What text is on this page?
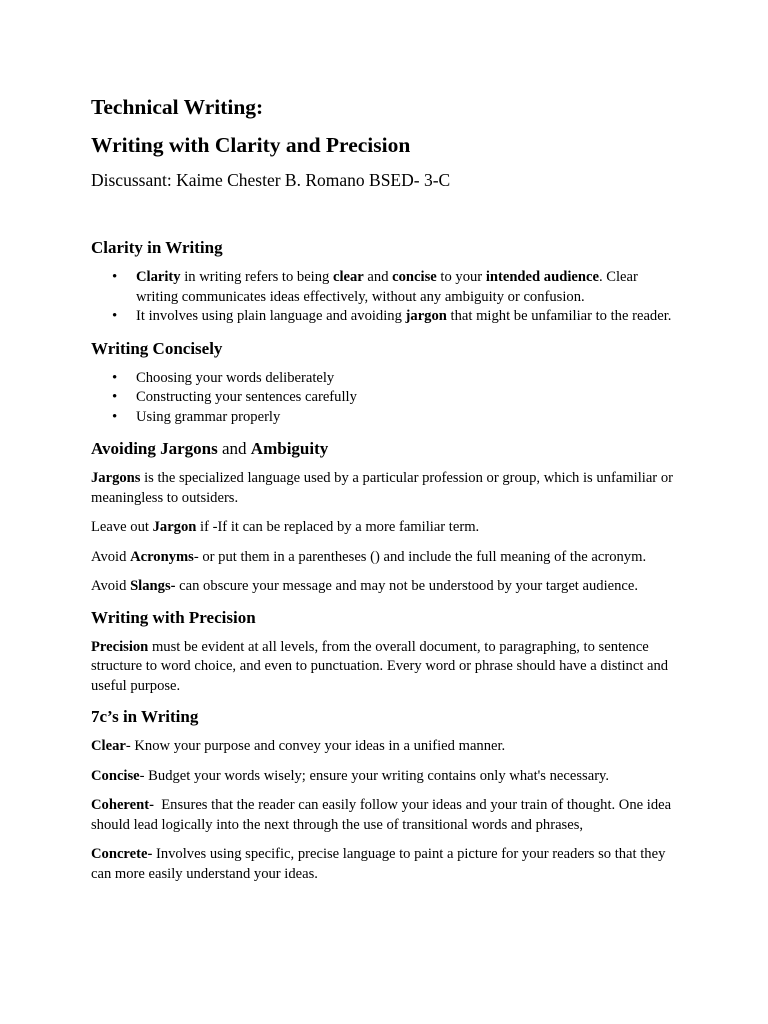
Technical Writing:
Writing with Clarity and Precision

Discussant: Kaime Chester B. Romano BSED- 3-C

Clarity in Writing
• Clarity in writing refers to being clear and concise to your intended audience. Clear writing communicates ideas effectively, without any ambiguity or confusion.
• It involves using plain language and avoiding jargon that might be unfamiliar to the reader.
Writing Concisely
• Choosing your words deliberately
• Constructing your sentences carefully
• Using grammar properly
Avoiding Jargons and Ambiguity

Jargons is the specialized language used by a particular profession or group, which is unfamiliar or meaningless to outsiders.

Leave out Jargon if -If it can be replaced by a more familiar term.

Avoid Acronyms- or put them in a parentheses () and include the full meaning of the acronym.

Avoid Slangs- can obscure your message and may not be understood by your target audience.

Writing with Precision

Precision must be evident at all levels, from the overall document, to paragraphing, to sentence structure to word choice, and even to punctuation. Every word or phrase should have a distinct and useful purpose.

7c’s in Writing

Clear- Know your purpose and convey your ideas in a unified manner.

Concise- Budget your words wisely; ensure your writing contains only what's necessary.

Coherent-  Ensures that the reader can easily follow your ideas and your train of thought. One idea should lead logically into the next through the use of transitional words and phrases,

Concrete- Involves using specific, precise language to paint a picture for your readers so that they can more easily understand your ideas.
